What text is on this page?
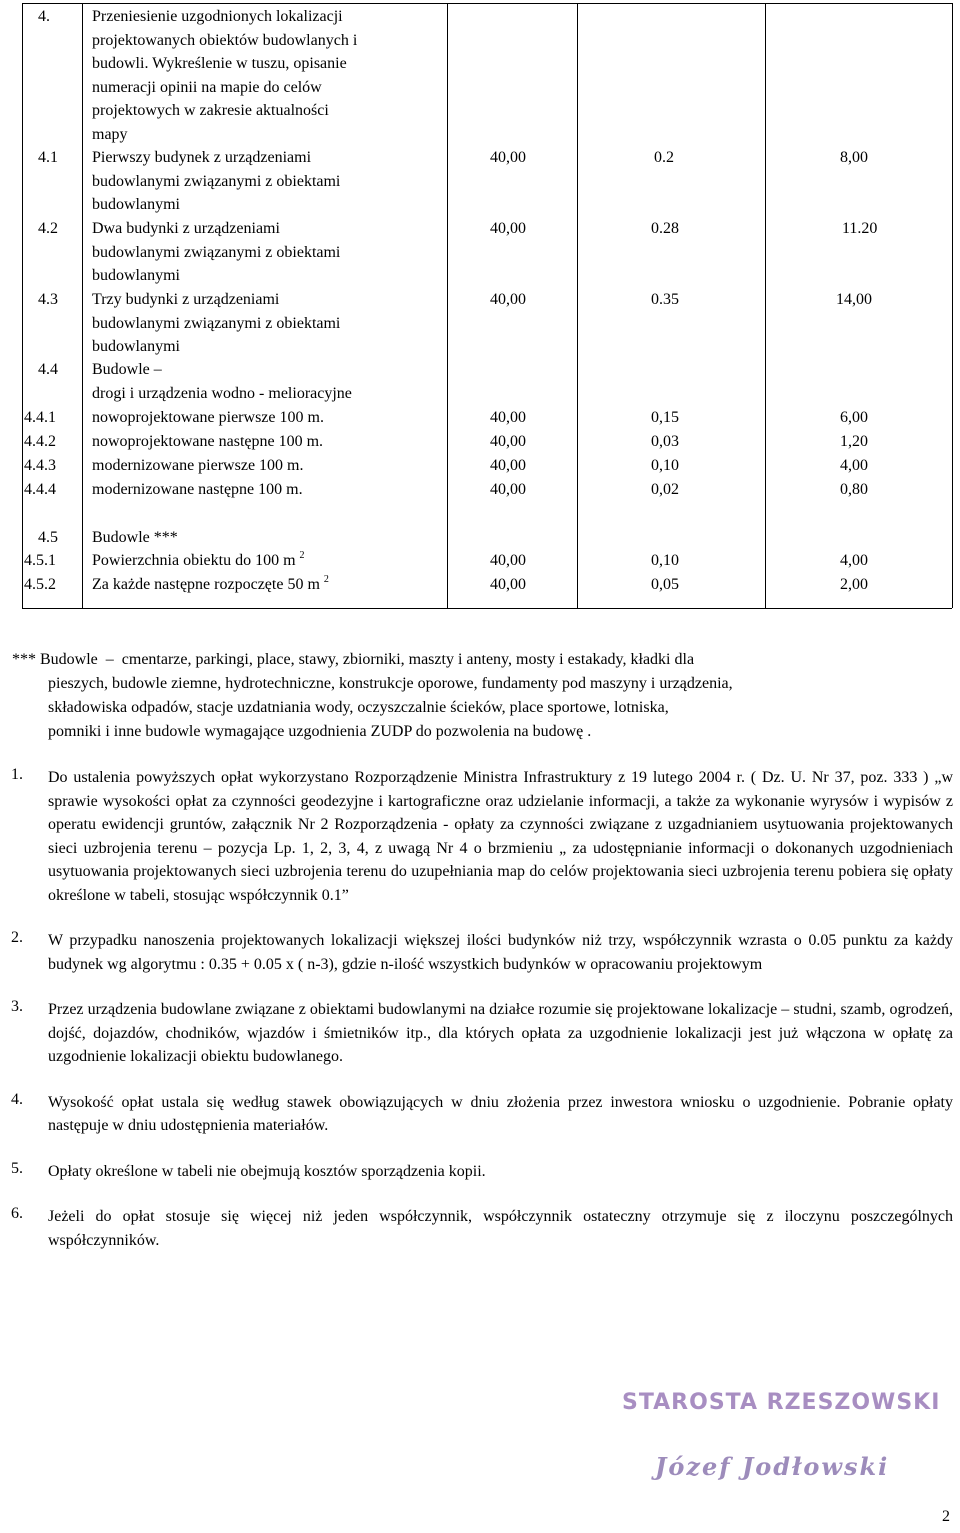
4.	Przeniesienie uzgodnionych lokalizacji
projektowanych obiektów budowlanych i
budowli. Wykreślenie w tuszu, opisanie
numeracji opinii na mapie do celów
projektowych w zakresie aktualności
mapy
4.1 Pierwszy budynek z urządzeniami
budowlanymi związanymi z obiektami
budowlanymi
40,00	0.2	8,00
4.2 Dwa budynki z urządzeniami
budowlanymi związanymi z obiektami
budowlanymi
40,00	0.28	11.20
4.3 Trzy budynki z urządzeniami
budowlanymi związanymi z obiektami
budowlanymi
40,00	0.35	14,00
4.4 Budowle –
drogi i urządzenia wodno - melioracyjne
4.4.1 nowoprojektowane pierwsze 100 m.	40,00	0,15	6,00
4.4.2 nowoprojektowane następne 100 m.	40,00	0,03	1,20
4.4.3 modernizowane pierwsze 100 m.	40,00	0,10	4,00
4.4.4 modernizowane następne 100 m.	40,00	0,02	0,80
4.5 Budowle ***
4.5.1 Powierzchnia obiektu do 100 m $^2$	40,00	0,10	4,00
4.5.2 Za każde następne rozpoczęte 50 m $^2$	40,00	0,05	2,00
*** Budowle – cmentarze, parkingi, place, stawy, zbiorniki, maszty i anteny, mosty i estakady, kładki dla
pieszych, budowle ziemne, hydrotechniczne, konstrukcje oporowe, fundamenty pod maszyny i urządzenia,
składowiska odpadów, stacje uzdatniania wody, oczyszczalnie ścieków, place sportowe, lotniska,
pomniki i inne budowle wymagające uzgodnienia ZUDP do pozwolenia na budowę .
1. Do ustalenia powyższych opłat wykorzystano Rozporządzenie Ministra Infrastruktury z 19 lutego 2004 r. ( Dz. U. Nr 37, poz. 333 ) „w sprawie wysokości opłat za czynności geodezyjne i kartograficzne oraz udzielanie informacji, a także za wykonanie wyrysów i wypisów z operatu ewidencji gruntów, załącznik Nr 2 Rozporządzenia - opłaty za czynności związane z uzgadnianiem usytuowania projektowanych sieci uzbrojenia terenu – pozycja Lp. 1, 2, 3, 4, z uwagą Nr 4 o brzmieniu „ za udostępnianie informacji o dokonanych uzgodnieniach usytuowania projektowanych sieci uzbrojenia terenu do uzupełniania map do celów projektowania sieci uzbrojenia terenu pobiera się opłaty określone w tabeli, stosując współczynnik 0.1”
2. W przypadku nanoszenia projektowanych lokalizacji większej ilości budynków niż trzy, współczynnik wzrasta o 0.05 punktu za każdy budynek wg algorytmu : 0.35 + 0.05 x ( n-3), gdzie n-ilość wszystkich budynków w opracowaniu projektowym
3. Przez urządzenia budowlane związane z obiektami budowlanymi na działce rozumie się projektowane lokalizacje – studni, szamb, ogrodzeń, dojść, dojazdów, chodników, wjazdów i śmietników itp., dla których opłata za uzgodnienie lokalizacji jest już włączona w opłatę za uzgodnienie lokalizacji obiektu budowlanego.
4. Wysokość opłat ustala się według stawek obowiązujących w dniu złożenia przez inwestora wniosku o uzgodnienie. Pobranie opłaty następuje w dniu udostępnienia materiałów.
5. Opłaty określone w tabeli nie obejmują kosztów sporządzenia kopii.
6. Jeżeli do opłat stosuje się więcej niż jeden współczynnik, współczynnik ostateczny otrzymuje się z iloczynu poszczególnych współczynników.
STAROSTA RZESZOWSKI
Józef Jodłowski
2
